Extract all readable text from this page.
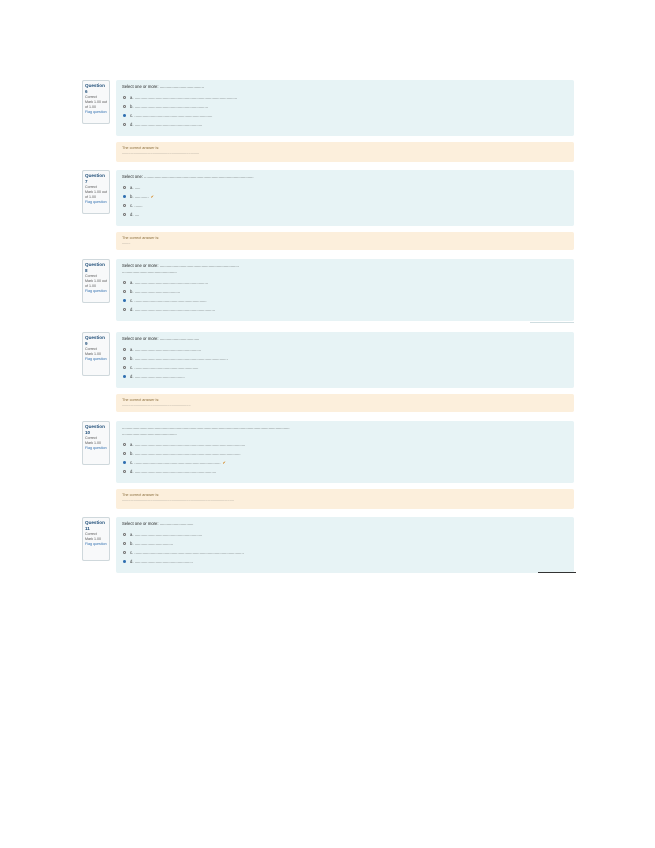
Question 6
Correct
Mark 1.00 out of 1.00
Flag question
Select one or more: ......................................
a. ........................................................................................
b. ...............................................................
c. ...................................................................
d. ..........................................................
The correct answer is:
.........................................................................
Question 7
Correct
Mark 1.00 out of 1.00
Flag question
Select one: ..............................................................................................
a. .....
b. ............ ✔
c. .......
d. ....
The correct answer is:
........
Question 8
Correct
Mark 1.00 out of 1.00
Flag question
Select one or more: ....................................................................
...............................................
a. ...............................................................
b. .......................................
c. ..............................................................
d. .....................................................................
Question 9
Correct
Mark 1.00
Flag question
Select one or more: ..................................
a. .........................................................
b. ................................................................................
c. .......................................................
d. ...........................................
The correct answer is:
.................................................................
Question 10
Correct
Mark 1.00
Flag question
................................................................................................................................................
...............................................
a. ...............................................................................................
b. ...........................................................................................
c. .......................................................................... ✔
d. ......................................................................
The correct answer is:
..........................................................................................................
Question 11
Correct
Mark 1.00
Flag question
Select one or more: .............................
a. ..........................................................
b. .................................
c. ..............................................................................................
d. ..................................................
